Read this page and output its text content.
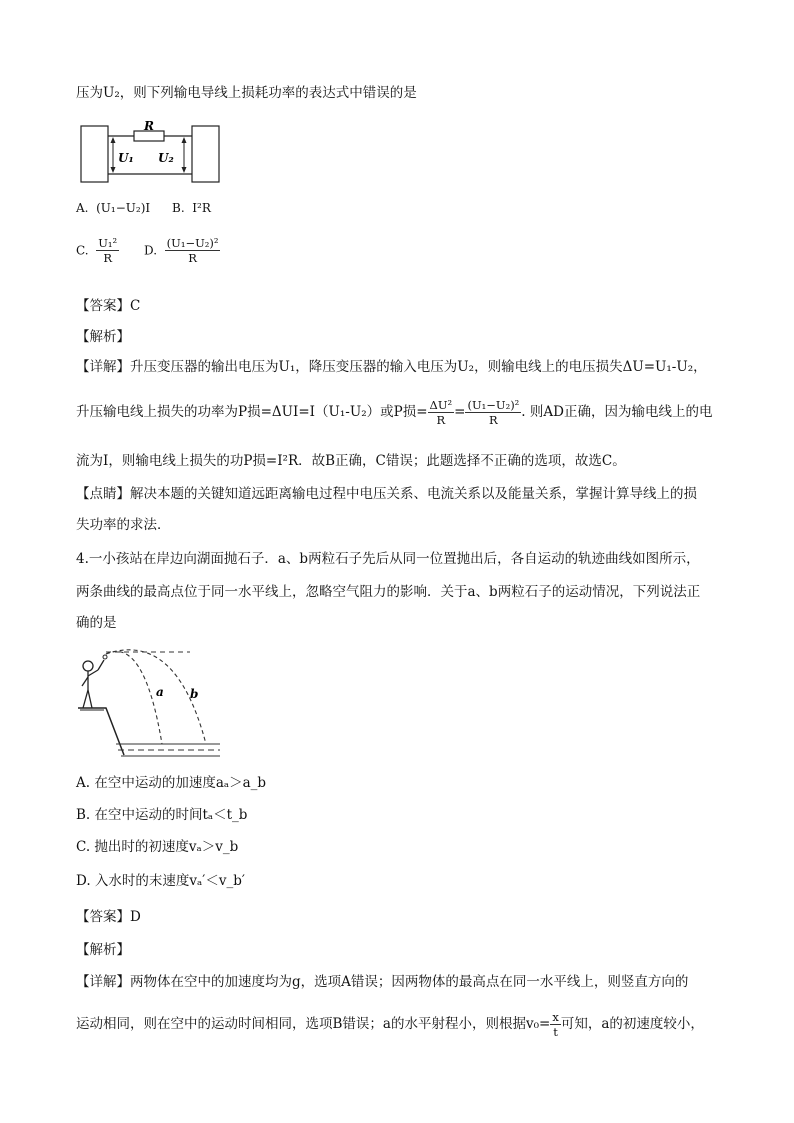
压为U₂，则下列输电导线上损耗功率的表达式中错误的是
R
U₁ U₂
A. (U₁−U₂)I B. I²R
C. $\frac{\text{U₁²}}{R} D$. $\frac{\text{(U₁−U₂)²}}{R}$
【答案】C
【解析】
【详解】升压变压器的输出电压为U₁，降压变压器的输入电压为U₂，则输电线上的电压损失ΔU=U₁-U₂，
升压输电线上损失的功率为P损=ΔUI=I（U₁-U₂）或P损= $\frac{\text{ΔU²}}{R} = \frac{\text{(U₁−U₂)²}}{R}$ . 则AD正确，因为输电线上的电
流为I，则输电线上损失的功P损=I²R．故B正确，C错误；此题选择不正确的选项，故选C。
【点睛】解决本题的关键知道远距离输电过程中电压关系、电流关系以及能量关系，掌握计算导线上的损
失功率的求法．
4.一小孩站在岸边向湖面抛石子．a、b两粒石子先后从同一位置抛出后，各自运动的轨迹曲线如图所示，
两条曲线的最高点位于同一水平线上，忽略空气阻力的影响．关于a、b两粒石子的运动情况，下列说法正
确的是
a b
A. 在空中运动的加速度aₐ＞a_b
B. 在空中运动的时间tₐ＜t_b
C. 抛出时的初速度vₐ＞v_b
D. 入水时的末速度vₐ′＜v_b′
【答案】D
【解析】
【详解】两物体在空中的加速度均为g，选项A错误；因两物体的最高点在同一水平线上，则竖直方向的
运动相同，则在空中的运动时间相同，选项B错误；a的水平射程小，则根据$v_0= \frac{x}{t}$ 可知，a的初速度较小，
